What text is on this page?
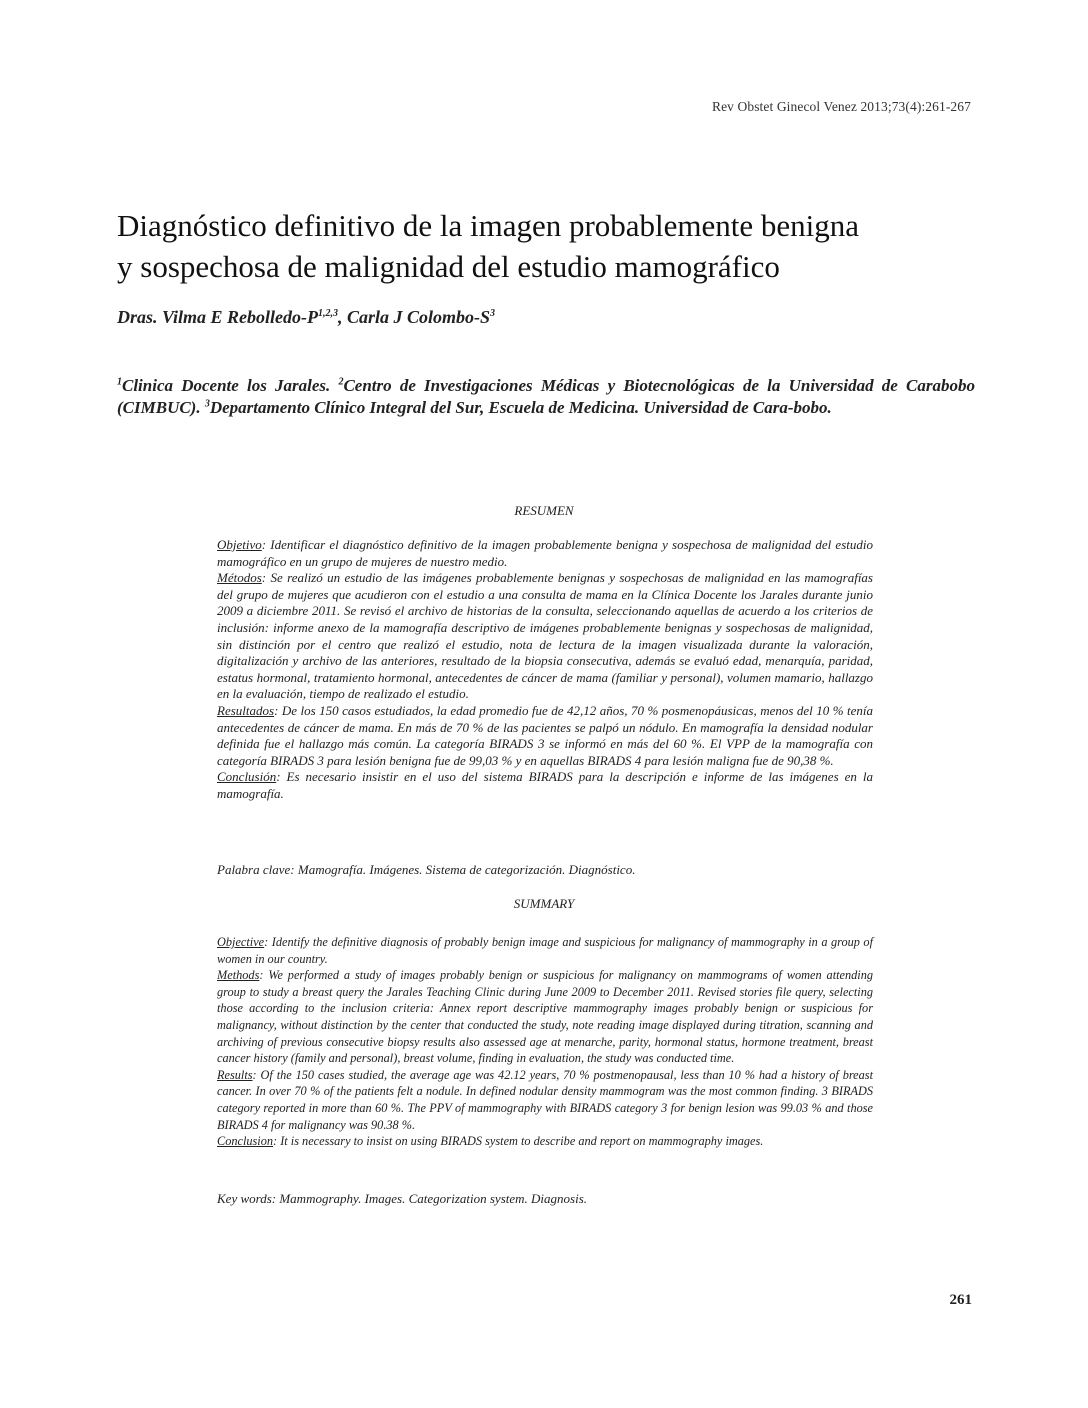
Rev Obstet Ginecol Venez 2013;73(4):261-267
Diagnóstico definitivo de la imagen probablemente benigna
y sospechosa de malignidad del estudio mamográfico
Dras. Vilma E Rebolledo-$P^{1,2,3}$, Carla J Colombo-$S^3$
$^1$Clinica Docente los Jarales. $^2$Centro de Investigaciones Médicas y Biotecnológicas de la Universidad de Carabobo (CIMBUC). $^3$Departamento Clínico Integral del Sur, Escuela de Medicina. Universidad de Cara-bobo.
RESUMEN

Objetivo: Identificar el diagnóstico definitivo de la imagen probablemente benigna y sospechosa de malignidad del estudio mamográfico en un grupo de mujeres de nuestro medio.

Métodos: Se realizó un estudio de las imágenes probablemente benignas y sospechosas de malignidad en las mamografías del grupo de mujeres que acudieron con el estudio a una consulta de mama en la Clínica Docente los Jarales durante junio 2009 a diciembre 2011. Se revisó el archivo de historias de la consulta, seleccionando aquellas de acuerdo a los criterios de inclusión: informe anexo de la mamografía descriptivo de imágenes probablemente benignas y sospechosas de malignidad, sin distinción por el centro que realizó el estudio, nota de lectura de la imagen visualizada durante la valoración, digitalización y archivo de las anteriores, resultado de la biopsia consecutiva, además se evaluó edad, menarquía, paridad, estatus hormonal, tratamiento hormonal, antecedentes de cáncer de mama (familiar y personal), volumen mamario, hallazgo en la evaluación, tiempo de realizado el estudio.

Resultados: De los 150 casos estudiados, la edad promedio fue de 42,12 años, 70 % posmenopáusicas, menos del 10 % tenía antecedentes de cáncer de mama. En más de 70 % de las pacientes se palpó un nódulo. En mamografía la densidad nodular definida fue el hallazgo más común. La categoría BIRADS 3 se informó en más del 60 %. El VPP de la mamografía con categoría BIRADS 3 para lesión benigna fue de 99,03 % y en aquellas BIRADS 4 para lesión maligna fue de 90,38 %.

Conclusión: Es necesario insistir en el uso del sistema BIRADS para la descripción e informe de las imágenes en la mamografía.

Palabra clave: Mamografía. Imágenes. Sistema de categorización. Diagnóstico.
SUMMARY

Objective: Identify the definitive diagnosis of probably benign image and suspicious for malignancy of mammography in a group of women in our country.

Methods: We performed a study of images probably benign or suspicious for malignancy on mammograms of women attending group to study a breast query the Jarales Teaching Clinic during June 2009 to December 2011. Revised stories file query, selecting those according to the inclusion criteria: Annex report descriptive mammography images probably benign or suspicious for malignancy, without distinction by the center that conducted the study, note reading image displayed during titration, scanning and archiving of previous consecutive biopsy results also assessed age at menarche, parity, hormonal status, hormone treatment, breast cancer history (family and personal), breast volume, finding in evaluation, the study was conducted time.

Results: Of the 150 cases studied, the average age was 42.12 years, 70 % postmenopausal, less than 10 % had a history of breast cancer. In over 70 % of the patients felt a nodule. In defined nodular density mammogram was the most common finding. 3 BIRADS category reported in more than 60 %. The PPV of mammography with BIRADS category 3 for benign lesion was 99.03 % and those BIRADS 4 for malignancy was 90.38 %.

Conclusion: It is necessary to insist on using BIRADS system to describe and report on mammography images.

Key words: Mammography. Images. Categorization system. Diagnosis.
261
